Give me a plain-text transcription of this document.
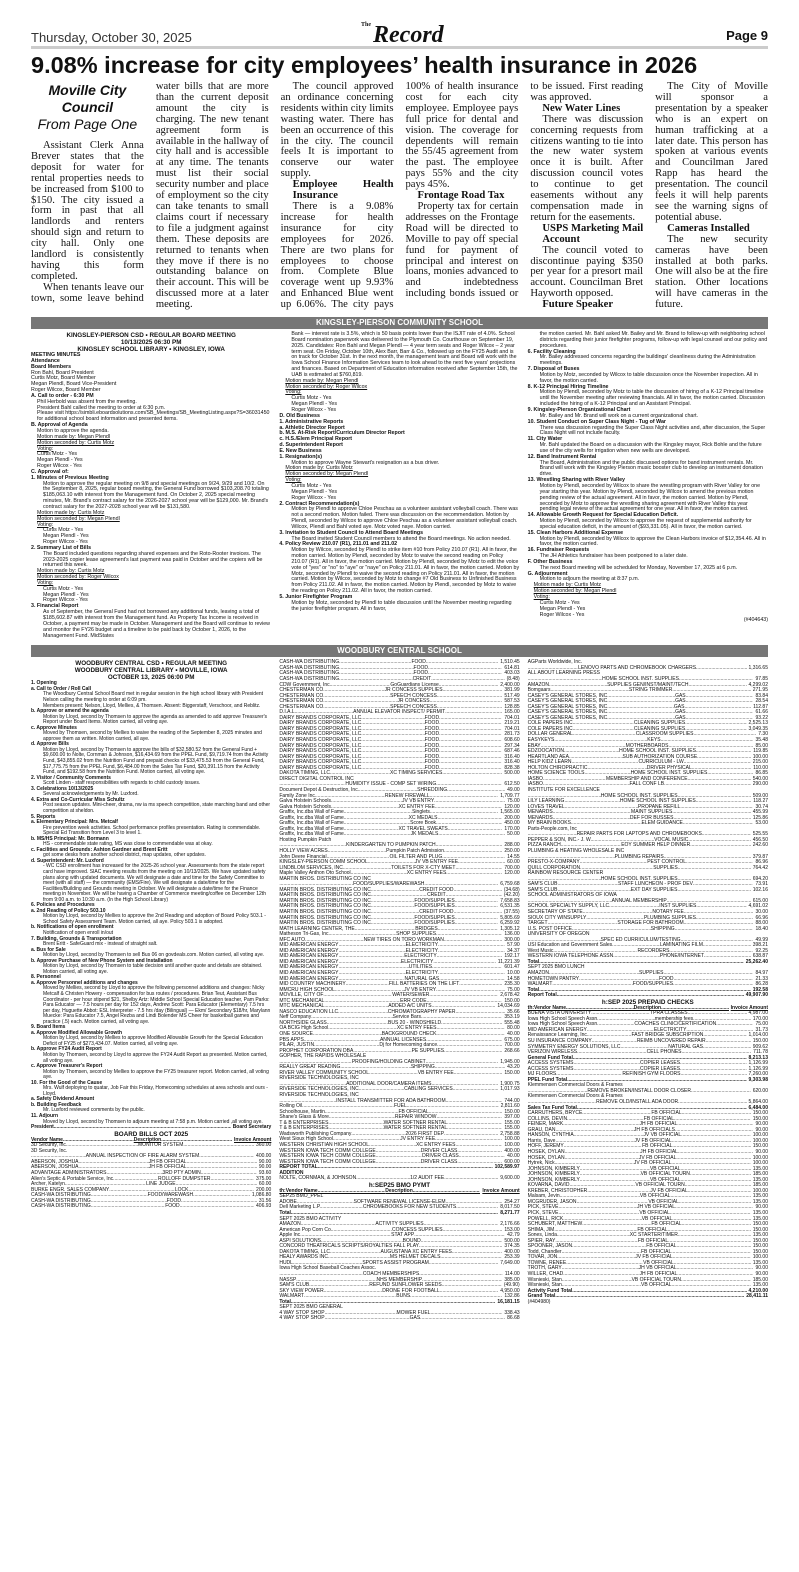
Thursday, October 30, 2025
$^{The}$Record	Page 9
9.08% increase for city employees’ health insurance in 2026

Moville City Council

From Page One

Assistant Clerk Anna Brever states that the deposit for water for rental properties needs to be increased from $100 to $150. The city issued a form in past that all landlords and renters should sign and return to city hall. Only one landlord is consistently having this form completed.

When tenants leave our town, some leave behind water bills that are more than the current deposit amount the city is charging. The new tenant agreement form is available in the hallway of city hall and is accessible at any time. The tenants must list their social security number and place of employment so the city can take tenants to small claims court if necessary to file a judgment against them. These deposits are returned to tenants when they move if there is no outstanding balance on their account. This will be discussed more at a later meeting.

The council approved an ordinance concerning residents within city limits wasting water. There has been an occurrence of this in the city. The council feels It is important to conserve our water supply.

Employee Health Insurance

There is a 9.08% increase for health insurance for city employees for 2026. There are two plans for employees to choose from. Complete Blue coverage went up 9.93% and Enhanced Blue went up 6.06%. The city pays 100% of health insurance cost for each city employee. Employee pays full price for dental and vision. The coverage for dependents will remain the 55/45 agreement from the past. The employee pays 55% and the city pays 45%.

Frontage Road Tax

Property tax for certain addresses on the Frontage Road will be directed to Moville to pay off special fund for payment of principal and interest on loans, monies advanced to and indebtedness including bonds issued or to be issued. First reading was approved.

New Water Lines

There was discussion concerning requests from citizens wanting to tie into the new water system once it is built. After discussion council votes to continue to get easements without any compensation made in return for the easements.

USPS Marketing Mail Account

The council voted to discontinue paying $350 per year for a presort mail account. Councilman Bret Hayworth opposed.

Future Speaker

The City of Moville will sponsor a presentation by a speaker who is an expert on human trafficking at a later date. This person has spoken at various events and Councilman Jared Rapp has heard the presentation. The council feels it will help parents see the warning signs of potential abuse.

Cameras Installed

The new security cameras have been installed at both parks. One will also be at the fire station. Other locations will have cameras in the future.

KINGSLEY-PIERSON COMMUNITY SCHOOL
KINGSLEY-PIERSON CSD • REGULAR BOARD MEETING
10/13/2025 06:30 PM
KINGSLEY SCHOOL LIBRARY • KINGSLEY, IOWA
MEETING MINUTES
Attendance
Board Members
Ron Bahl, Board President
Curtis Motz, Board Member
Megan Plendl, Board Vice-President
Roger Wilcox, Board Member
A. Call to order - 6:30 PM
Phil Herbold was absent from the meeting.
President Bahl called the meeting to order at 6:30 p.m.
Please visit https://simbli.eboardsolutions.com/SB_Meetings/SB_MeetingListing.aspx?S=36031450 for additional school board information and presented items.
B. Approval of Agenda
Motion to approve the agenda.
Motion made by: Megan Plendl
Motion seconded by: Curtis Motz
Voting:
Curtis Motz - Yes
Megan Plendl - Yes
Roger Wilcox - Yes
C. Approval of:
1. Minutes of Previous Meeting
Motion to approve the regular meeting on 9/8 and special meetings on 9/24, 9/29 and 10/2. On the September 8, 2025, regular board meeting, the General Fund borrowed $103,208.70 totaling $185,063.10 with interest from the Management fund. On October 2, 2025 special meeting minutes, Mr. Brand's contract salary for the 2026-2027 school year will be $129,000. Mr. Brand's contract salary for the 2027-2028 school year will be $131,580.
Motion made by: Curtis Motz
Motion seconded by: Megan Plendl
Voting:
Curtis Motz - Yes
Megan Plendl - Yes
Roger Wilcox - Yes
2. Summary List of Bills
The Board included questions regarding shared expenses and the Roto-Rooter invoices. The 2023-2025 copier lease agreement's last payment was paid in October and the copiers will be returned this week.
Motion made by: Curtis Motz
Motion seconded by: Roger Wilcox
Voting:
Curtis Motz - Yes
Megan Plendl - Yes
Roger Wilcox - Yes
3. Financial Report
As of September, the General Fund had not borrowed any additional funds, leaving a total of $185,602.87 with interest from the Management fund. As Property Tax Income is received in October, a payment may be made in October. Management and the Board will continue to review and monitor the FY26 budget and a timeline to be paid back by October 1, 2026, to the Management Fund. MidStates
Bank — interest rate is 3.5%, which is 50 basis points lower than the ISJIT rate of 4.0%. School Board nomination paperwork was delivered to the Plymouth Co. Courthouse on September 19, 2025. Candidates: Ron Bahl and Megan Plendl — 4 year term seats and Roger Wilcox – 2 year term seat. On Friday, October 10th, Alex Barr, Barr & Co., followed up on the FY25 Audit and is on track for October 31st. In the next month, the management team and Board will work with the Iowa School Finance Information Services team to look ahead to the next five years' projections and finances. Based on Department of Education information received after September 15th, the UAB is estimated at $760,819.
Motion made by: Megan Plendl
Motion seconded by: Roger Wilcox
Voting:
Curtis Motz - Yes
Megan Plendl - Yes
Roger Wilcox - Yes
D. Old Business
1. Administrative Reports
a. Athletic Director Report
b. M.S. At-Risk Report/Curriculum Director Report
c. H.S./Elem Principal Report
d. Superintendent Report
E. New Business
1. Resignation(s)
Motion to approve Wayne Stewart's resignation as a bus driver.
Motion made by: Curtis Motz
Motion seconded by: Megan Plendl
Voting:
Curtis Motz - Yes
Megan Plendl - Yes
Roger Wilcox - Yes
2. Contract Recommendation(s)
Motion by Plendl to approve Chloe Peschau as a volunteer assistant volleyball coach. There was not a second motion. Motion failed. There was discussion on the recommendation. Motion by Plendl, seconded by Wilcox to approve Chloe Peschau as a volunteer assistant volleyball coach. Wilcox, Plendl and Bahl voted aye. Motz voted naye. Motion carried.
3. Invitation to Student Council to Attend Board Meetings
The Board invited Student Council members to attend the Board meetings. No action needed.
4. Policy Review 210.07 (R1), 211.01 and 211.02
Motion by Wilcox, seconded by Plendl to strike item #10 from Policy 210.07 (R1). All in favor, the motion carried. Motion by Plendl, seconded by Motz to waive the second reading on Policy 210.07 (R1). All in favor, the motion carried. Motion by Plendl, seconded by Motz to edit the voice vote of "yes" or "no" to "aye" or "naye" on Policy 211.01. All in favor, the motion carried. Motion by Motz, seconded by Plendl to waive the second reading on Policy 211.01. All in favor, the motion carried. Motion by Wilcox, seconded by Motz to change #7 Old Business to Unfinished Business from Policy 211.02. All in favor, the motion carried. Motion by Plendl, seconded by Motz to waive the reading on Policy 211.02. All in favor, the motion carried.
5. Junior Firefighter Program
Motion by Motz, seconded by Plendl to table discussion until the November meeting regarding the junior firefighter program. All in favor,
the motion carried. Mr. Bahl asked Mr. Bailey and Mr. Brand to follow-up with neighboring school districts regarding their junior firefighter programs, follow-up with legal counsel and our policy and procedures.
6. Facility Cleaning
Mr. Bailey addressed concerns regarding the buildings' cleanliness during the Administration meetings.
7. Disposal of Buses
Motion by Motz, seconded by Wilcox to table discussion once the November inspection. All in favor, the motion carried.
8. K-12 Principal Hiring Timeline
Motion by Plendl, seconded by Motz to table the discussion of hiring of a K-12 Principal timeline until the November meeting after reviewing financials. All in favor, the motion carried. Discussion included the hiring of a K-12 Principal and an Assistant Principal.
9. Kingsley-Pierson Organizational Chart
Mr. Bailey and Mr. Brand will work on a current organizational chart.
10. Student Conduct on Super Class Night - Tug of War
There was discussion regarding the Super Class Night activities and, after discussion, the Super Class Night will not include faculty.
11. City Water
Mr. Bahl updated the Board on a discussion with the Kingsley mayor, Rick Bohle and the future use of the city wells for irrigation when new wells are developed.
12. Band Instrument Rental
The Board, Administration and the public discussed options for band instrument rentals. Mr. Brand will work with the Kingsley Pierson music booster club to develop an instrument donation drive.
13. Wrestling Sharing with River Valley
Motion by Plendl, seconded by Wilcox to share the wrestling program with River Valley for one year starting this year. Motion by Plendl, seconded by Wilcox to amend the previous motion pending review of the actual agreement. All in favor, the motion carried. Motion by Plendl, seconded by Motz to approve the wrestling sharing agreement with River Valley this year pending legal review of the actual agreement for one year. All in favor, the motion carried.
14. Allowable Growth Request for Special Education Deficit.
Motion by Plendl, seconded by Wilcox to approve the request of supplemental authority for special education deficit, in the amount of ($93,331.05). All in favor, the motion carried.
15. Clean Harbors Additional Expense
Motion by Plendl, seconded by Wilcox to approve the Clean Harbors invoice of $12,354.46. All in favor, the motion carried.
16. Fundraiser Requests
The JH Athletics fundraiser has been postponed to a later date.
F. Other Business
The next Board meeting will be scheduled for Monday, November 17, 2025 at 6 p.m.
G. Adjournment
Motion to adjourn the meeting at 8:37 p.m.
Motion made by: Curtis Motz
Motion seconded by: Megan Plendl
Voting:
Curtis Motz - Yes
Megan Plendl - Yes
Roger Wilcox - Yes
(#404643)
WOODBURY CENTRAL SCHOOL
WOODBURY CENTRAL CSD • REGULAR MEETING
WOODBURY CENTRAL LIBRARY • MOVILLE, IOWA
OCTOBER 13, 2025 06:00 PM
1. Opening
a. Call to Order / Roll Call
The Woodbury Central School Board met in regular session in the high school library with President Nelson calling the meeting to order at 6:09 pm.
Members present: Nelson, Lloyd, Mellies, & Thomsen. Absent: Biggerstaff, Verschoor, and Reblitz.
b. Approve or amend the agenda
Motion by Lloyd, second by Thomsen to approve the agenda as amended to add approve Treasurer's Report under Board Items. Motion carried, all voting aye.
c. Approve Minutes
Moved by Thomsen, second by Mellies to waive the reading of the September 8, 2025 minutes and approve them as written. Motion carried, all aye.
d. Approve Bills
Motion by Lloyd, second by Thomsen to approve the bills of $32,580.52 from the General Fund + $9,600.00 to Nolte, Cornman & Johnson, $16,434.69 from the PPEL Fund, $9,719.74 from the Activity Fund, $43,855.02 from the Nutrition Fund and prepaid checks of $33,475.53 from the General Fund, $17,775.75 from the PPEL Fund, $6,484.00 from the Sales Tax Fund, $20,391.15 from the Activity Fund, and $192.58 from the Nutrition Fund. Motion carried, all voting aye.
2. Visitor / Community Comments
Scott Linden - staff responsibilities with regards to child custody issues.
3. Celebrations 10/13/2025
Several acknowledgements by Mr. Luxford.
4. Extra and Co-Curricular Miss Schultz
Post season updates. Mini-cheer, drama, nw ia ms speech competition, state marching band and other competition at sheldon.
5. Reports
a. Elementary Principal: Mrs. Metcalf
Fire prevention week activities. School performance profiles presentation. Rating is commendable. Special Ed Transition from Level 3 to level 1.
b. MS/HS Principal: Mr. Bormann
HS - commendable state rating, MS was close to commendable was at okay.
c. Facilities and Grounds: Ashton Gardner and Brent Eritt
got some desks from another school district, map updates, other updates.
d. Superintendent: Mr. Luxford
- WC CSD enrollment has increased for the 2025-26 school year. Assessments from the state report card have improved. SIAC meeting results from the meeting on 10/13/2025. We have updated safety plans along with updated documents. We will designate a date and time for the Safety Committee to meet (with all staff) — the community (EMS/Fire). We will designate a date/time for the Facilities/Building and Grounds meeting in October. We will designate a date/time for the Finance meeting in November. We will be having a Chamber of Commerce meeting/coffee on December 12th from 9:00 a.m. to 10:30 a.m. (In the High School Library)
6. Policies and Procedures
a. 2nd Reading of Policy 503.10
Motion by Lloyd, second by Mellies to approve the 2nd Reading and adoption of Board Policy 503.1 - School Safety Assessment Team. Motion carried, all aye. Policy 503.1 is adopted.
b. Notifications of open enrollment
Notification of open enroll in/out
7. Building, Grounds & Transportation
Brent Eritt - SafeGuard mix - instead of straight salt.
a. Bus for Sale
Motion by Lloyd, second by Thomsen to sell Bus 06 on govdeals.com. Motion carried, all voting aye.
b. Approve Purchase of New Phone System and Installation
Motion by Lloyd, second by Thomsen to table decision until another quote and details are obtained. Motion carried, all voting aye.
8. Personnel
a. Approve Personnel additions and changes
Moved by Mellies, second by Lloyd to approve the following personnel additions and changes: Nicky Metcalf & Christen Howery - compensation for bus routes / procedures. Brian Teut, Assistant Bus Coordinator - per hour stipend $21, Shelby Artz: Middle School Special Education teacher, Pam Parks: Para Educator — 7.5 hours per day for 152 days, Andrew Scott: Para Educator (Elementary) 7.5 hrs per day, Huguette Abbot: ESL Interpreter - 7.5 hrs /day (Bilingual) — Ekm/ Secondary $18/hr, Marylann Muecke: Para Educator 7.5, Angel Rezba and Lindi Bolender MS Cheer for basketball games and practice (.5) each. Motion carried, all voting aye.
9. Board Items
a. Approve Modified Allowable Growth
Motion by Lloyd, second by Mellies to approve Modified Allowable Growth for the Special Education Deficit of FY25 of $273,434.07. Motion carried, all voting aye.
b. Approve FY24 Audit Report
Motion by Thomsen, second by Lloyd to approve the FY24 Audit Report as presented. Motion carried, all voting aye.
c. Approve Treasurer's Report
Motion by Thomsen, second by Mellies to approve the FY25 treasurer report. Motion carried, all voting aye.
10. For the Good of the Cause
Mrs. Wulf deploying to quatar, Job Fair this Friday, Homecoming schedules at area schools and ours - Lloyd.
a. Safety Dividend Amount
b. Building Feedback
Mr. Luxford reviewed comments by the public.
11. Adjourn
Moved by Lloyd, second by Thomsen to adjourn meeting at 7:58 p.m. Motion carried ,all voting aye.
President .....	Board Secretary
BOARD BILLS OCT 2025
Vendor Name .....	Description .....	Invoice Amount
3D Security, Inc. .....	MONITOR SYSTEM .....	360.00
3D Security, Inc.
.....
ANNUAL INSPECTION OF FIRE ALARM SYSTEM .....	400.00
ABERSON, JOSHUA .....	JH FB OFFICIAL .....	90.00
ABERSON, JOSHUA .....	JH FB OFFICIAL .....	90.00
ADVANTAGE ADMINISTRATORS .....	3RD PTY ADMIN .....	93.60
Allen's Septic & Portable Service, Inc. .....	ROLLOFF DUMPSTER .....	375.00
Archer, Katelyn .....	LINE JUDGE .....	60.00
BURKE ENGR. SALES COMPANY .....	LOCK .....	200.00
CASH-WA DISTRIBUTING .....	FOOD/WAREWASH .....	1,086.80
CASH-WA DISTRIBUTING .....	FOOD .....	31.56
CASH-WA DISTRIBUTING .....	FOOD .....	406.93
CASH-WA DISTRIBUTING .....	FOOD .....	1,510.45
CASH-WA DISTRIBUTING .....	FOOD .....	614.81
CASH-WA DISTRIBUTING .....	FOOD .....	403.03
CASH-WA DISTRIBUTING .....	CREDIT .....	(8.48)
CDW Government, Inc. .....	GoGuardians License .....	2,400.00
CHESTERMAN CO. .....	JR CONCESS SUPPLIES .....	381.99
CHESTERMAN CO. .....	SPEECH CONCESS .....	517.49
CHESTERMAN CO. .....	JR CONCESS .....	587.53
CHESTERMAN CO. .....	SPEECH CONCESS .....	128.85
D.I.A.L. .....	ANNUAL ELEVATOR INSPECT/ PERMIT .....	165.00
DAIRY BRANDS CORPORATE, LLC .....	FOOD .....	704.01
DAIRY BRANDS CORPORATE, LLC .....	FOOD .....	219.21
DAIRY BRANDS CORPORATE, LLC .....	FOOD .....	704.01
DAIRY BRANDS CORPORATE, LLC .....	FOOD .....	281.73
DAIRY BRANDS CORPORATE, LLC .....	FOOD .....	608.60
DAIRY BRANDS CORPORATE, LLC .....	FOOD .....	297.34
DAIRY BRANDS CORPORATE, LLC .....	FOOD .....	687.46
DAIRY BRANDS CORPORATE, LLC .....	FOOD .....	316.40
DAIRY BRANDS CORPORATE, LLC .....	FOOD .....	316.40
DAIRY BRANDS CORPORATE, LLC .....	FOOD .....	828.38
DAKOTA TIMING, LLC .....	XC TIMING SERVICES .....	500.00
DIRECT DIGITAL CONTROL INC
.....
HUMIDITY ISSUE - COMP SET WIRING .....	612.50
Document Depot & Destruction, Inc. .....	SHREDDING .....	49.00
Family Zone Inc. .....	RENEW FIREWALL .....	1,709.77
Galva Holstein Schools .....	JV VB ENTRY .....	75.00
Galva Holstein Schools .....	XC ENTRY FEE .....	120.00
Graffix, Inc.dba Wall of Fame .....	Singlets .....	1,565.00
Graffix, Inc.dba Wall of Fame .....	XC MEDALS .....	200.00
Graffix, Inc.dba Wall of Fame .....	Score Book .....	450.00
Graffix, Inc.dba Wall of Fame .....	XC TRAVEL SWEATS .....	170.00
Graffix, Inc.dba Wall of Fame .....	JK MEDALS .....	50.00
Hosting Pumpkin Patch
.....
KINDERGARTEN TO PUMPKIN PATCH .....	288.00
HOLLY VIEW ACRES .....	Pumpkin Patch Admission .....	250.00
John Deere Financial .....	OIL FILTER AND PLUG .....	14.55
KINGSLEY-PIERSON COMM SCHOOL .....	JV VB ENTRY FEE .....	60.00
LINDBLOM SERVICES, INC. .....	TOILETS FOR X-CTY MEET .....	700.00
Maple Valley Anthon Oto School .....	XC ENTRY FEES .....	120.00
MARTIN BROS. DISTRIBUTING CO INC
.....
FOOD/SUPPLIES/WAREWASH .....	6,759.68
MARTIN BROS. DISTRIBUTING CO INC .....	CREDIT FOOD .....	(34.68)
MARTIN BROS. DISTRIBUTING CO INC .....	CREDIT .....	(42.20)
MARTIN BROS. DISTRIBUTING CO INC .....	FOOD/SUPPLIES .....	7,658.83
MARTIN BROS. DISTRIBUTING CO INC .....	FOOD/SUPPLIES .....	6,531.35
MARTIN BROS. DISTRIBUTING CO INC .....	CREDIT FOOD .....	(37.55)
MARTIN BROS. DISTRIBUTING CO INC .....	FOOD/SUPPLIES .....	5,805.69
MARTIN BROS. DISTRIBUTING CO INC .....	FOOD/SUPPLIES .....	6,259.92
MATH LEARNING CENTER, THE .....	BRIDGES .....	1,305.12
Matheson Tri-Gas, Inc. .....	SHOP SUPPLIES .....	136.00
MFC AUTO .....	NEW TIRES ON TORO WORKMAN .....	300.00
MID AMERICAN ENERGY .....	ELECTRICITY .....	57.90
MID AMERICAN ENERGY .....	ELECTRICITY .....	34.37
MID AMERICAN ENERGY .....	ELECTRICITY .....	192.17
MID AMERICAN ENERGY .....	ELECTRICITY .....	11,221.39
MID AMERICAN ENERGY .....	UTILITIES .....	601.47
MID AMERICAN ENERGY .....	ELECTRICITY .....	10.00
MID AMERICAN ENERGY .....	NATURAL GAS .....	14.58
MID COUNTRY MACHINERY .....	FILL BATTERIES ON THE LIFT .....	235.30
MMCRU HIGH SCHOOL .....	JV VB ENTRY .....	75.00
MOVILLE, CITY OF .....	WATER/SEWER .....	2,678.42
MTC MECHANICAL .....	ERR CODE .....	150.00
MTC MECHANICAL .....	ADDED A/C UNITS .....	14,034.69
NASCO EDUCATION LLC .....	CHROMATOGRAPHY PAPER .....	35.66
Neff Company .....	Service Bars .....	353.19
NORTHSIDE GLASS .....	BUS 20 - WINDSHIELD .....	555.48
OA BCIG High School .....	XC ENTRY FEES .....	80.00
ONE SOURCE .....	BACKGROUND CHECK .....	40.00
PBS APPS .....	ANNUAL LICENSES .....	675.00
PILAR, JUSTIN .....	Dj for Homecoming dance .....	700.00
PROPHET CORPORATION DBA .....	PE SUPPLIES .....	268.66
GOPHER, THE RAPIDS WHOLESALE
.....
PROOFING/HOLDING CABINET .....	1,945.00
REALLY GREAT READING .....	SHIPPING .....	43.20
RIVER VALLEY COMMUNITY SCHOOL .....	VB ENTRY FEE .....	150.00
RIVERSIDE TECHNOLOGIES, INC
.....
ADDITIONAL DOOR/CAMERA ITEMS .....	1,900.75
RIVERSIDE TECHNOLOGIES, INC .....	CABLING SERVICES .....	1,017.93
RIVERSIDE TECHNOLOGIES, INC
.....
INSTALL TRANSMITTER FOR ADA BATHROOM .....	744.00
Rolling Oil .....	FUEL .....	2,811.60
Schoolhouse, Martin .....	FB OFFICIAL .....	150.00
Shane's Glass & More .....	REPAIR WINDOW .....	397.00
T & B ENTERPRISES .....	WATER SOFTNER RENTAL .....	155.00
T & B ENTERPRISES .....	WATER SOFTNER RENTAL .....	155.00
Wadsworth Publishing Company .....	2026 FIRST DEP .....	2,758.88
West Sioux High School .....	JV ENTRY FEE .....	100.00
WESTERN CHRISTIAN HIGH SCHOOL .....	XC ENTRY FEES .....	100.00
WESTERN IOWA TECH COMM COLLEGE .....	DRIVER CLASS .....	400.00
WESTERN IOWA TECH COMM COLLEGE .....	DRIVER CLASS .....	40.00
WESTERN IOWA TECH COMM COLLEGE .....	DRIVER CLASS .....	600.00
REPORT TOTAL .....	102,589.97
ADDITION
NOLTE, CORNMAN, & JOHNSON .....	1/2 AUDIT FEE .....	9,600.00
h:SEP25 BMO PYMT
th:Vendor Name .....	Description .....	Invoice Amount
SEP25 BMO_PPEL
ADOBE .....	SOFTWARE RENEWAL LICENSE-ELEM .....	254.27
Dell Marketing L.P. .....	CHROMEBOOKS FOR NEW STUDENTS .....	8,017.50
Total .....	8,271.77
SEPT 2025 BMO ACTIVITY
AMAZON .....	ACTIVITY SUPPLIES .....	2,176.66
American Pop Corn Co. .....	CONCESS SUPPLIES .....	153.00
Apple Inc .....	STAT APP .....	42.79
ASPI SOLUTIONS .....	BOUND .....	500.00
CONCORD THEATRICALS SCRIPTS/ROYALTIES FALL PLAY .....	374.35
DAKOTA TIMING, LLC .....	AUGUSTANA XC ENTRY FEES .....	400.00
HEALY AWARDS INC .....	MS HELMET DECALS .....	253.39
HUDL .....	SPORTS ASSIST PROGRAM .....	7,649.00
Iowa High School Baseball Coaches Assoc.
.....
COACH MEMBERSHIPS .....	114.00
NASSP .....	NHS MEMBERSHIP .....	385.00
SAM'S CLUB .....	REFUND SUNFLOWER SEEDS .....	(49.90)
SKY VIEW POWER .....	DRONE FOR FOOTBALL .....	4,950.00
WALMART .....	BUNS .....	132.86
Total .....	16,181.15
SEPT 2025 BMO GENERAL
4 WAY STOP SHOP .....	MOWER FUEL .....	338.43
4 WAY STOP SHOP .....	GAS .....	86.68
AGParts Worldwide, Inc.
.....
LENOVO PARTS AND CHROMEBOOK CHARGERS .....	1,316.65
ALL ABOUT LEARNING PRESS
.....
HOME SCHOOL INST. SUPPLIES .....	97.85
AMAZON .....	SUPPLIES GEN/INST/MAINT/TECH .....	4,299.02
Bomgaars .....	STRING TRIMMER .....	271.95
CASEY'S GENERAL STORES, INC .....	GAS .....	83.84
CASEY'S GENERAL STORES, INC .....	GAS .....	28.54
CASEY'S GENERAL STORES, INC .....	GAS .....	112.87
CASEY'S GENERAL STORES, INC .....	GAS .....	61.66
CASEY'S GENERAL STORES, INC .....	GAS .....	93.22
COLE PAPERS INC .....	CLEANING SUPPLIES .....	2,525.13
COLE PAPERS INC .....	CLEANING SUPPLIES .....	3,049.35
DOLLAR GENERAL .....	CLASSROOM SUPPLIES .....	7.30
EASYKEYS .....	KEYS .....	35.48
EBAY .....	MOTHERBOARDS .....	85.00
EDZOOCATION .....	HOME SCHOOL INST. SUPPLIES .....	119.85
HEARTLAND AEA .....	SUB AUTHORIZATION COURSE .....	100.00
HELP KIDZ LEARN .....	CURRICULUM - LW .....	215.00
HOLTON CHIROPRACTIC .....	DRIVER PHYSICAL .....	110.00
HOME SCIENCE TOOLS .....	HOME SCHOOL INST. SUPPLIES .....	86.85
IASBO .....	MEMBERSHIP AND CONFERENCE .....	540.00
IASBO .....	FALL CONF LB .....	290.00
INSTITUTE FOR EXCELLENCE
.....
HOME SCHOOL INST. SUPPLIES .....	509.00
LILY LEARNING .....	HOME SCHOOL INST SUPPLIES .....	118.27
LOVES TRAVEL .....	PROPANE REFILL .....	30.74
MENARDS .....	MAINT SUPPLIES .....	455.99
MENARDS .....	DEF FOR BUSSES .....	125.86
MY BRAIN BOOKS .....	ELEM GUIDANCE .....	53.00
Parts-People.com, Inc
.....
REPAIR PARTS FOR LAPTOPS AND CHROMEBOOKS .....	525.55
PEPPER & SON, INC.- J. W. .....	VOCAL MUSIC .....	456.50
PIZZA RANCH .....	EOY SUMMER HELP DINNER .....	242.60
PLUMBING & HEATING WHOLESALE INC
.....
PLUMBING REPAIRS .....	379.87
PRESTO-X-COMPANY .....	PEST CONTROL .....	86.96
QUILL CORPORATION .....	SUPPLIES .....	764.42
RAINBOW RESOURCE CENTER
.....
HOME SCHOOL INST. SUPPLIES .....	694.20
SAM'S CLUB .....	STAFF LUNCHEON - PROF DEV .....	73.91
SAM'S CLUB .....	EXT DAY SUPPLIES .....	102.16
SCHOOL ADMINISTRATORS OF IOWA
.....
ANNUAL MEMBERSHIP .....	615.00
SCHOOL SPECIALTY SUPPLY, LLC .....	INST SUPPLIES .....	4,691.02
SECRETARY OF STATE .....	NOTARY FEE .....	30.00
SIOUX CITY WINSUPPLY .....	PLUMBING SUPPLIES .....	66.96
TARGET .....	STORAGE FOR BATHROOM .....	88.00
U.S. POST OFFICE .....	SHIPPING .....	18.40
UNIVERSITY OF OREGON
.....
SPEC ED CURRICULUM/TESTING .....	49.99
USI Education and Government Sales .....	LAMINATING FILM .....	398.21
West Music .....	RECORDERS .....	92.25
WESTERN IOWA TELEPHONE ASSN .....	PHONE/INTERNET .....	638.87
Total .....	25,262.40
SEPT 2025 BMO LUNCH
AMAZON .....	SUPPLIES .....	84.97
HOMETOWN PANTRY .....	FOOD .....	21.33
WALMART .....	FOOD/SUPPLIES .....	86.28
Total .....	192.58
Report Total .....	49,907.90
h:SEP 2025 PREPAID CHECKS
th:Vendor Name .....	Description .....	Invoice Amount
BUENA VISTA UNIVERSITY .....	TPRA CLASSES .....	4,987.00
Iowa High School Speech Assn .....	membership fees .....	170.00
Iowa High School Speech Assn .....	COACHES CLINIC/CERTIFICATION .....	75.00
MID AMERICAN ENERGY .....	ELECTRICITY .....	31.73
Renaissance Learning, Inc. .....	FAST BRIDGE SUBSCRIPTION .....	1,014.00
SU INSURANCE COMPANY .....	REIMB UNCOVERED REPAIR .....	150.00
SYMMETRY ENERGY SOLUTIONS, LLC .....	NATURAL GAS .....	909.62
VERIZON WIRELESS .....	CELL PHONES .....	711.78
General Fund Total .....	8,213.13
ACCESS SYSTEMS .....	COPIER LEASES .....	1,126.99
ACCESS SYSTEMS .....	COPIER LEASES .....	1,126.99
MJ FLOORS .....	REFINISH GYM FLOORS .....	7,260.00
PPEL Fund Total .....	9,303.98
Klemmensen Commercial Doors & Frames
.....
REMOVE BROKEN/INSTALL DOOR CLOSER .....	620.00
Klemmensen Commercial Doors & Frames
.....
REMOVE OLD/INSTALL ADA DOOR .....	5,864.00
Sales Tax Fund Total .....	6,484.00
CARRUTHERS, BRYCE .....	FB OFFICIAL .....	150.00
COLLINS, DEVIN .....	FB OFFICIAL .....	150.00
FEINER, MARK .....	JH FB OFFICIAL .....	90.00
GRAU, DAN .....	JH FB OFFICIALS .....	90.00
HANSON, CYNTHIA .....	JV VB OFFICIAL .....	100.00
Harris, Dave .....	JV FB OFFICIAL .....	100.00
HOFF, JEREMY .....	FB OFFICIAL .....	150.00
HOSEK, DYLAN .....	JH FB OFFICIAL .....	90.00
HOSEK, DYLAN .....	JV FB OFFICIAL .....	100.00
Hytrek, Nick .....	JV FB OFFICIAL .....	100.00
JOHNSON, KIMBERLY .....	VB OFFICIAL .....	135.00
JOHNSON, KIMBERLY .....	VB OFFICIAL TOURN .....	185.00
JOHNSON, KIMBERLY .....	VB OFFICIAL .....	135.00
KOVARNA, DAVID .....	VB OFFICIAL TOURN .....	185.00
KREBER, CHRISTOPHER .....	JV FB OFFICIAL .....	100.00
Malsam, Jevin .....	VB OFFICIAL .....	135.00
MCGRUDER, JASON .....	VB OFFICIAL .....	135.00
PICK, STEVE .....	JH VB OFFICIAL .....	90.00
PICK, STEVE .....	VB OFFICIAL .....	135.00
POWELL, RICK .....	VB OFFICIAL .....	135.00
SCHUBERT, MATTHEW .....	FB OFFICIAL .....	150.00
SHIMA, JIM .....	FB OFFICIAL .....	150.00
Sones, Linda .....	XC STARTER/TIMER .....	135.00
SPIER, RAY .....	FB OFFICIAL .....	150.00
SPOONER, JASON .....	FB OFFICIAL .....	150.00
Todd, Chandler .....	FB OFFICIAL .....	150.00
TOVAR, JON .....	JV FB OFFICIAL .....	100.00
TOWNE, RENEE .....	VB OFFICIAL .....	135.00
TROTH, GARY .....	JH VB OFFICIAL .....	90.00
WILLER, CHAD .....	JH FB OFFICIAL .....	90.00
Wisnieski, Stan .....	VB OFFICIAL TOURN .....	185.00
Wisnieski, Stan .....	VB OFFICIAL .....	135.00
Activity Fund Total .....	4,210.00
Grand Total .....	28,411.11
(#404980)
